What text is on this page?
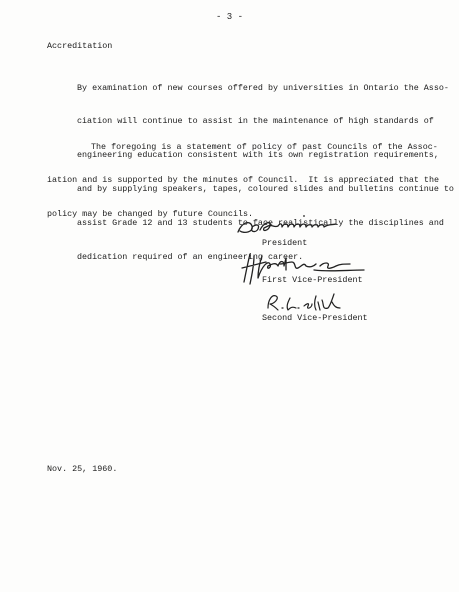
- 3 -
Accreditation

By examination of new courses offered by universities in Ontario the Asso-

ciation will continue to assist in the maintenance of high standards of

engineering education consistent with its own registration requirements,

and by supplying speakers, tapes, coloured slides and bulletins continue to

assist Grade 12 and 13 students to face realistically the disciplines and

dedication required of an engineering career.

The foregoing is a statement of policy of past Councils of the Assoc-

iation and is supported by the minutes of Council.  It is appreciated that the

policy may be changed by future Councils.

President
First Vice-President
Second Vice-President
Nov. 25, 1960.
